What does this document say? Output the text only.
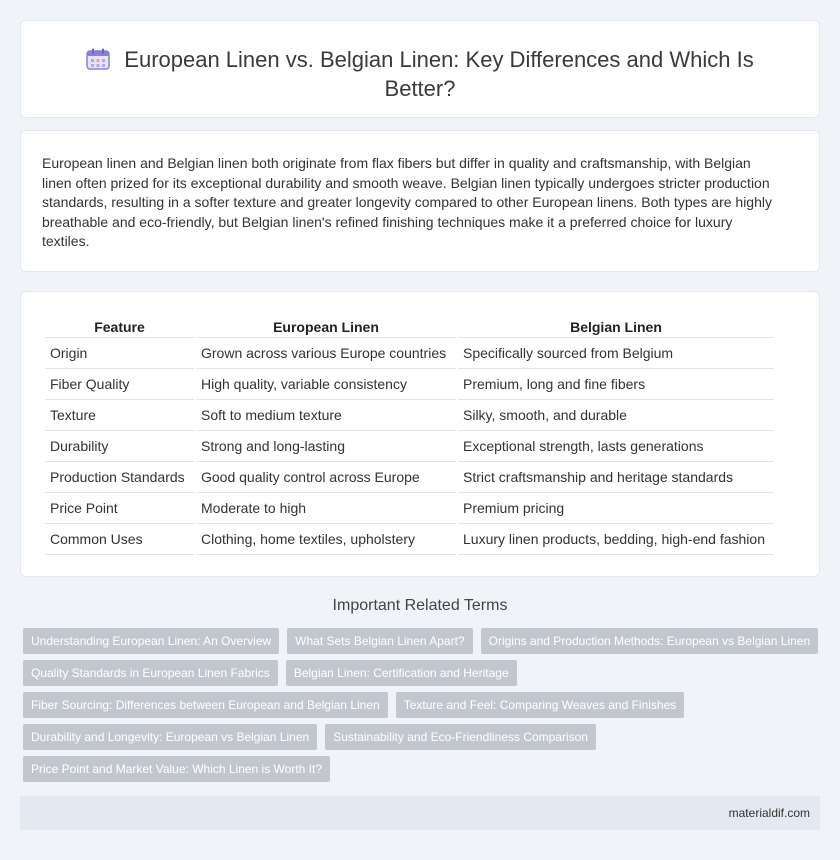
European Linen vs. Belgian Linen: Key Differences and Which Is Better?

European linen and Belgian linen both originate from flax fibers but differ in quality and craftsmanship, with Belgian linen often prized for its exceptional durability and smooth weave. Belgian linen typically undergoes stricter production standards, resulting in a softer texture and greater longevity compared to other European linens. Both types are highly breathable and eco-friendly, but Belgian linen's refined finishing techniques make it a preferred choice for luxury textiles.

Feature	European Linen	Belgian Linen
Origin	Grown across various Europe countries	Specifically sourced from Belgium
Fiber Quality	High quality, variable consistency	Premium, long and fine fibers
Texture	Soft to medium texture	Silky, smooth, and durable
Durability	Strong and long-lasting	Exceptional strength, lasts generations
Production Standards	Good quality control across Europe	Strict craftsmanship and heritage standards
Price Point	Moderate to high	Premium pricing
Common Uses	Clothing, home textiles, upholstery	Luxury linen products, bedding, high-end fashion
Important Related Terms
Understanding European Linen: An Overview	What Sets Belgian Linen Apart?	Origins and Production Methods: European vs Belgian Linen
Quality Standards in European Linen Fabrics	Belgian Linen: Certification and Heritage
Fiber Sourcing: Differences between European and Belgian Linen	Texture and Feel: Comparing Weaves and Finishes
Durability and Longevity: European vs Belgian Linen	Sustainability and Eco-Friendliness Comparison
Price Point and Market Value: Which Linen is Worth It?
materialdif.com
